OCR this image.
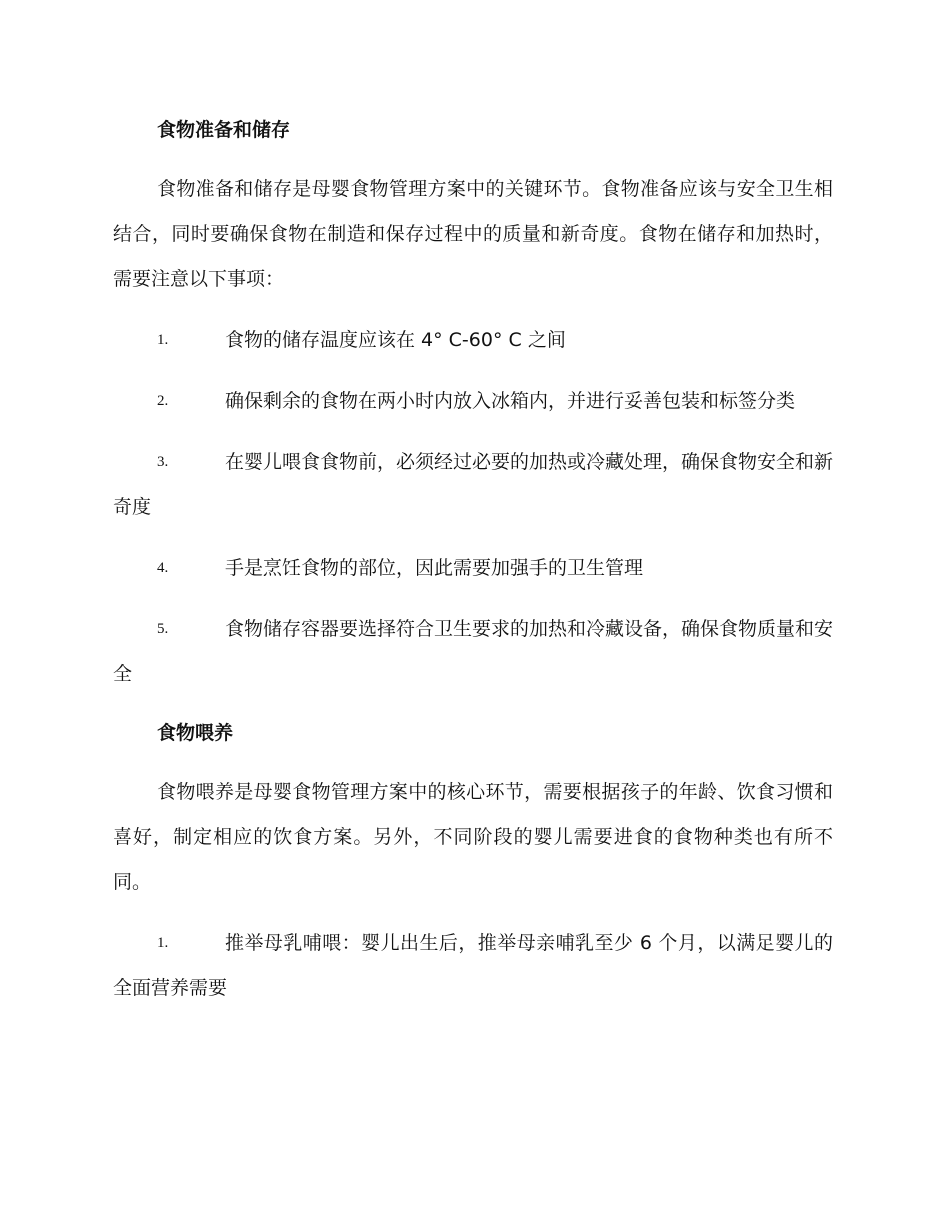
食物准备和储存

食物准备和储存是母婴食物管理方案中的关键环节。食物准备应该与安全卫生相结合，同时要确保食物在制造和保存过程中的质量和新奇度。食物在储存和加热时，需要注意以下事项：

1.	食物的储存温度应该在 4° C-60° C 之间

2.	确保剩余的食物在两小时内放入冰箱内，并进行妥善包装和标签分类

3.	在婴儿喂食食物前，必须经过必要的加热或冷藏处理，确保食物安全和新奇度

4.	手是烹饪食物的部位，因此需要加强手的卫生管理

5.	食物储存容器要选择符合卫生要求的加热和冷藏设备，确保食物质量和安全

食物喂养

食物喂养是母婴食物管理方案中的核心环节，需要根据孩子的年龄、饮食习惯和喜好，制定相应的饮食方案。另外，不同阶段的婴儿需要进食的食物种类也有所不同。

1.	推举母乳哺喂：婴儿出生后，推举母亲哺乳至少 6 个月，以满足婴儿的全面营养需要
